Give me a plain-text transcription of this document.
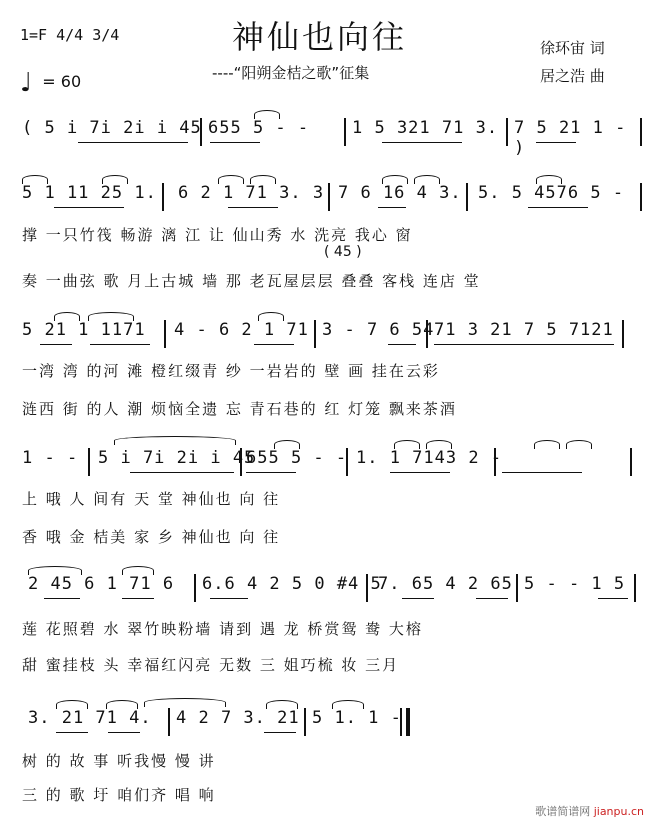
1=F 4/4 3/4
♩ = 60
神仙也向往
----“阳朔金桔之歌”征集
徐环宙 词
居之浩 曲
( 5 i 7i 2i i 45 655 5 - -	1 5 321 71 3. 7 5 21 1 - )
5 1 11 25 1. 6 2 1 71 3. 3 7 6 16 4 3. 5. 5 4576 5 -
撑 一只竹筏 畅游 漓 江 让 仙山秀 水 洗亮 我心 窗
( 45 )
奏 一曲弦 歌 月上古城 墙 那 老瓦屋层层 叠叠 客栈 连店 堂
5 21 1 1171 4 - 6 2 1 71 3 - 7 6 54 71 3 21 7 5 7121
一湾 湾 的河 滩 橙红缀青 纱 一岩岩的 壁 画 挂在云彩
涟西 街 的人 潮 烦恼全遗 忘 青石巷的 红 灯笼 飘来茶酒
1 - - 5 i 7i 2i i 45
655 5 - - 1. 1 7143 2 -
上 哦 人 间有 天 堂 神仙也 向 往
香 哦 金 桔美 家 乡 神仙也 向 往
2 45 6 1 71 6 6.6 4 2 5 0 #4 5
7. 65 4 2 65 5 - - 1 5
莲 花照碧 水 翠竹映粉墙 请到 遇 龙 桥赏鸳 鸯 大榕
甜 蜜挂枝 头 幸福红闪亮 无数 三 姐巧梳 妆 三月
3. 21 71 4. 4 2 7 3. 21 5 1. 1 -
树 的 故 事 听我慢 慢 讲
三 的 歌 圩 咱们齐 唱 响
歌谱简谱网 jianpu.cn
